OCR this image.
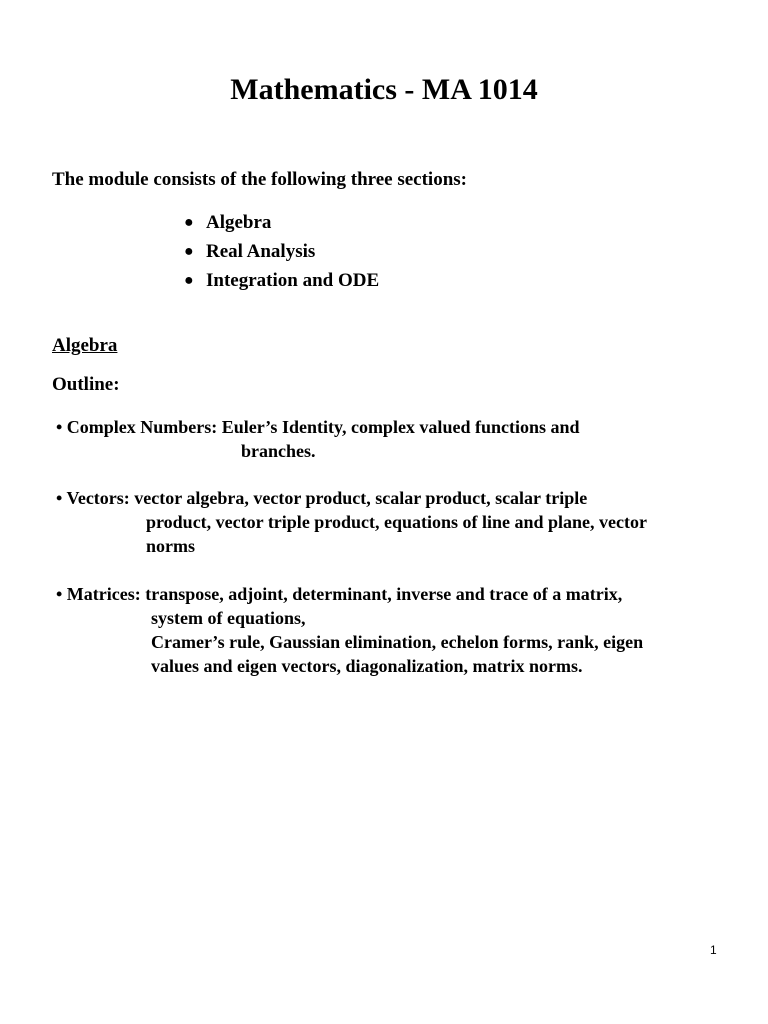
Mathematics - MA 1014
The module consists of the following three sections:
● Algebra
● Real Analysis
● Integration and ODE
Algebra
Outline:
• Complex Numbers: Euler’s Identity, complex valued functions and
branches.
• Vectors: vector algebra, vector product, scalar product, scalar triple
product, vector triple product, equations of line and plane, vector
norms
• Matrices: transpose, adjoint, determinant, inverse and trace of a matrix,
system of equations,
Cramer’s rule, Gaussian elimination, echelon forms, rank, eigen
values and eigen vectors, diagonalization, matrix norms.
1
